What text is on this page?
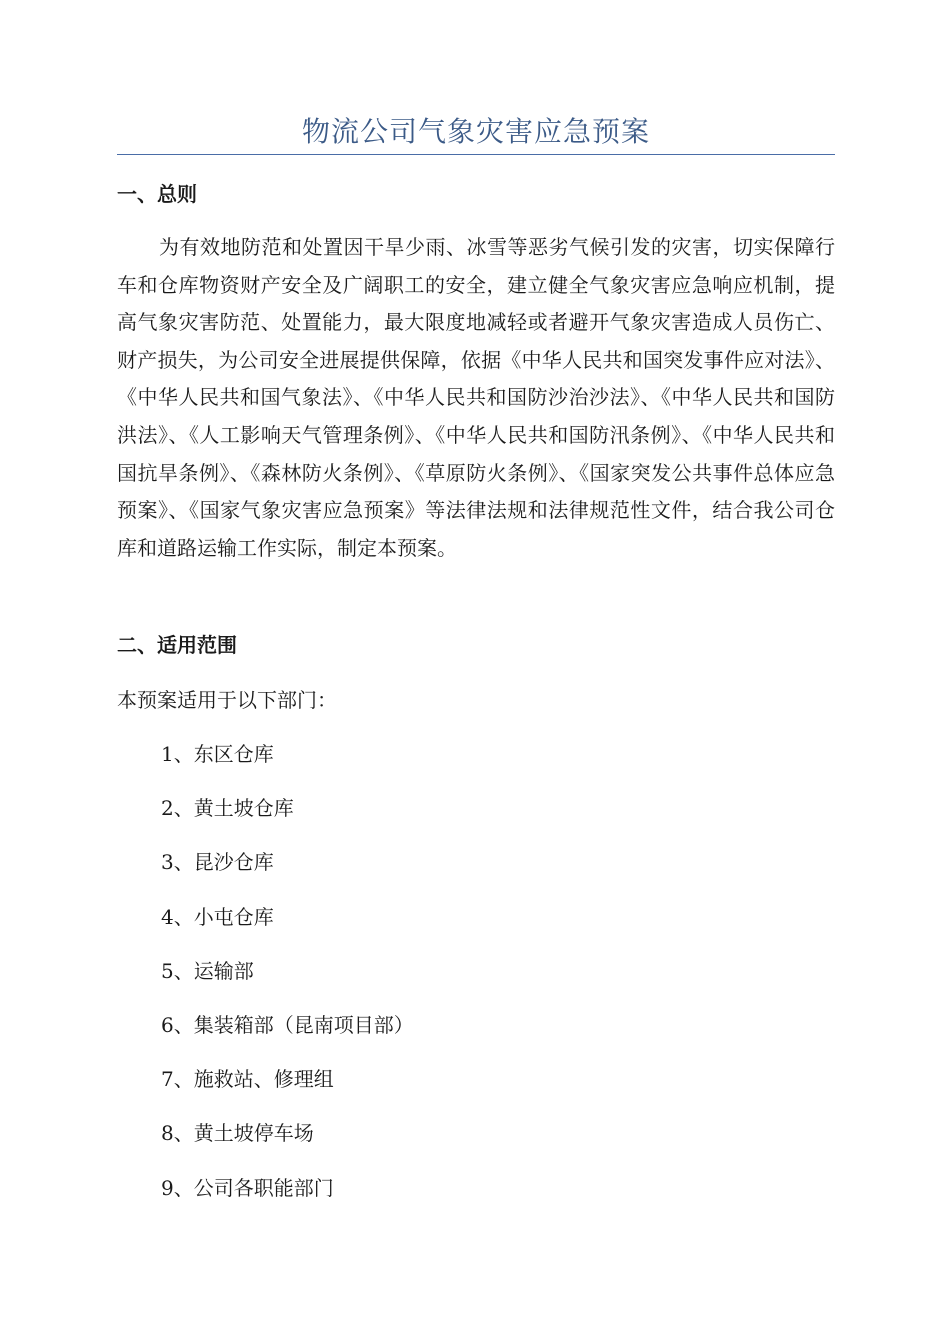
物流公司气象灾害应急预案
一、总则

为有效地防范和处置因干旱少雨、冰雪等恶劣气候引发的灾害，切实保障行车和仓库物资财产安全及广阔职工的安全，建立健全气象灾害应急响应机制，提高气象灾害防范、处置能力，最大限度地减轻或者避开气象灾害造成人员伤亡、财产损失，为公司安全进展提供保障，依据《中华人民共和国突发事件应对法》、《中华人民共和国气象法》、《中华人民共和国防沙治沙法》、《中华人民共和国防洪法》、《人工影响天气管理条例》、《中华人民共和国防汛条例》、《中华人民共和国抗旱条例》、《森林防火条例》、《草原防火条例》、《国家突发公共事件总体应急预案》、《国家气象灾害应急预案》等法律法规和法律规范性文件，结合我公司仓库和道路运输工作实际，制定本预案。

二、适用范围

本预案适用于以下部门：

1、东区仓库
2、黄土坡仓库
3、昆沙仓库
4、小屯仓库
5、运输部
6、集装箱部（昆南项目部）
7、施救站、修理组
8、黄土坡停车场
9、公司各职能部门
